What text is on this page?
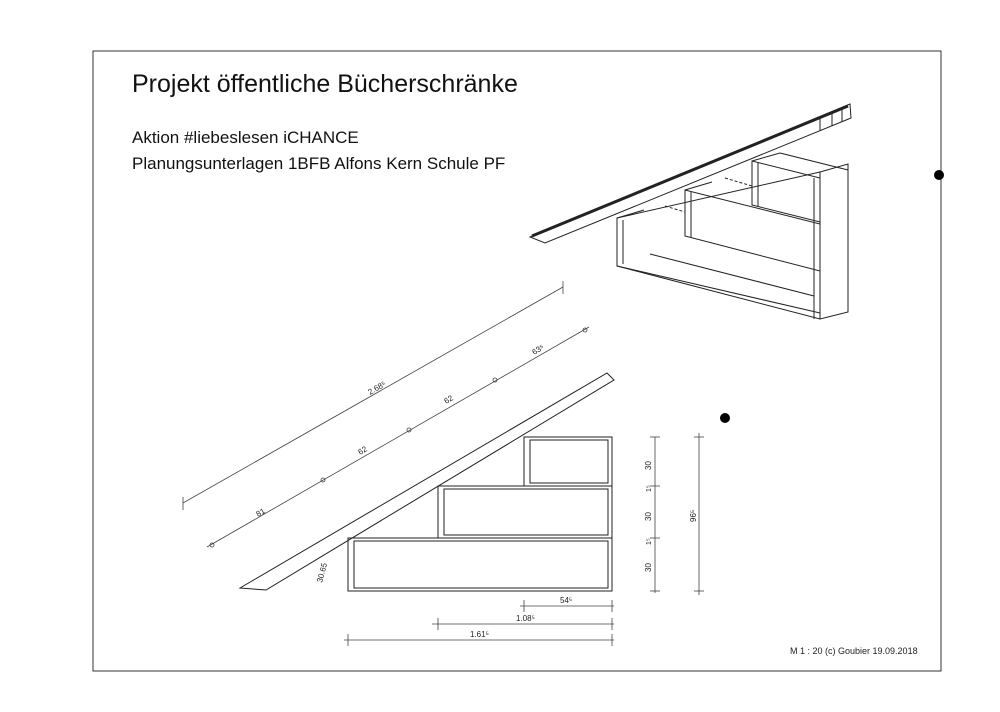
2.68⁵
81
62
62
63⁵
30.65
30
1⁵
30
1⁵
30
96⁵
54⁵
1.08⁵
1.61⁵
Projekt öffentliche Bücherschränke
Aktion #liebeslesen iCHANCE
Planungsunterlagen 1BFB Alfons Kern Schule PF
M 1 : 20 (c) Goubier 19.09.2018
